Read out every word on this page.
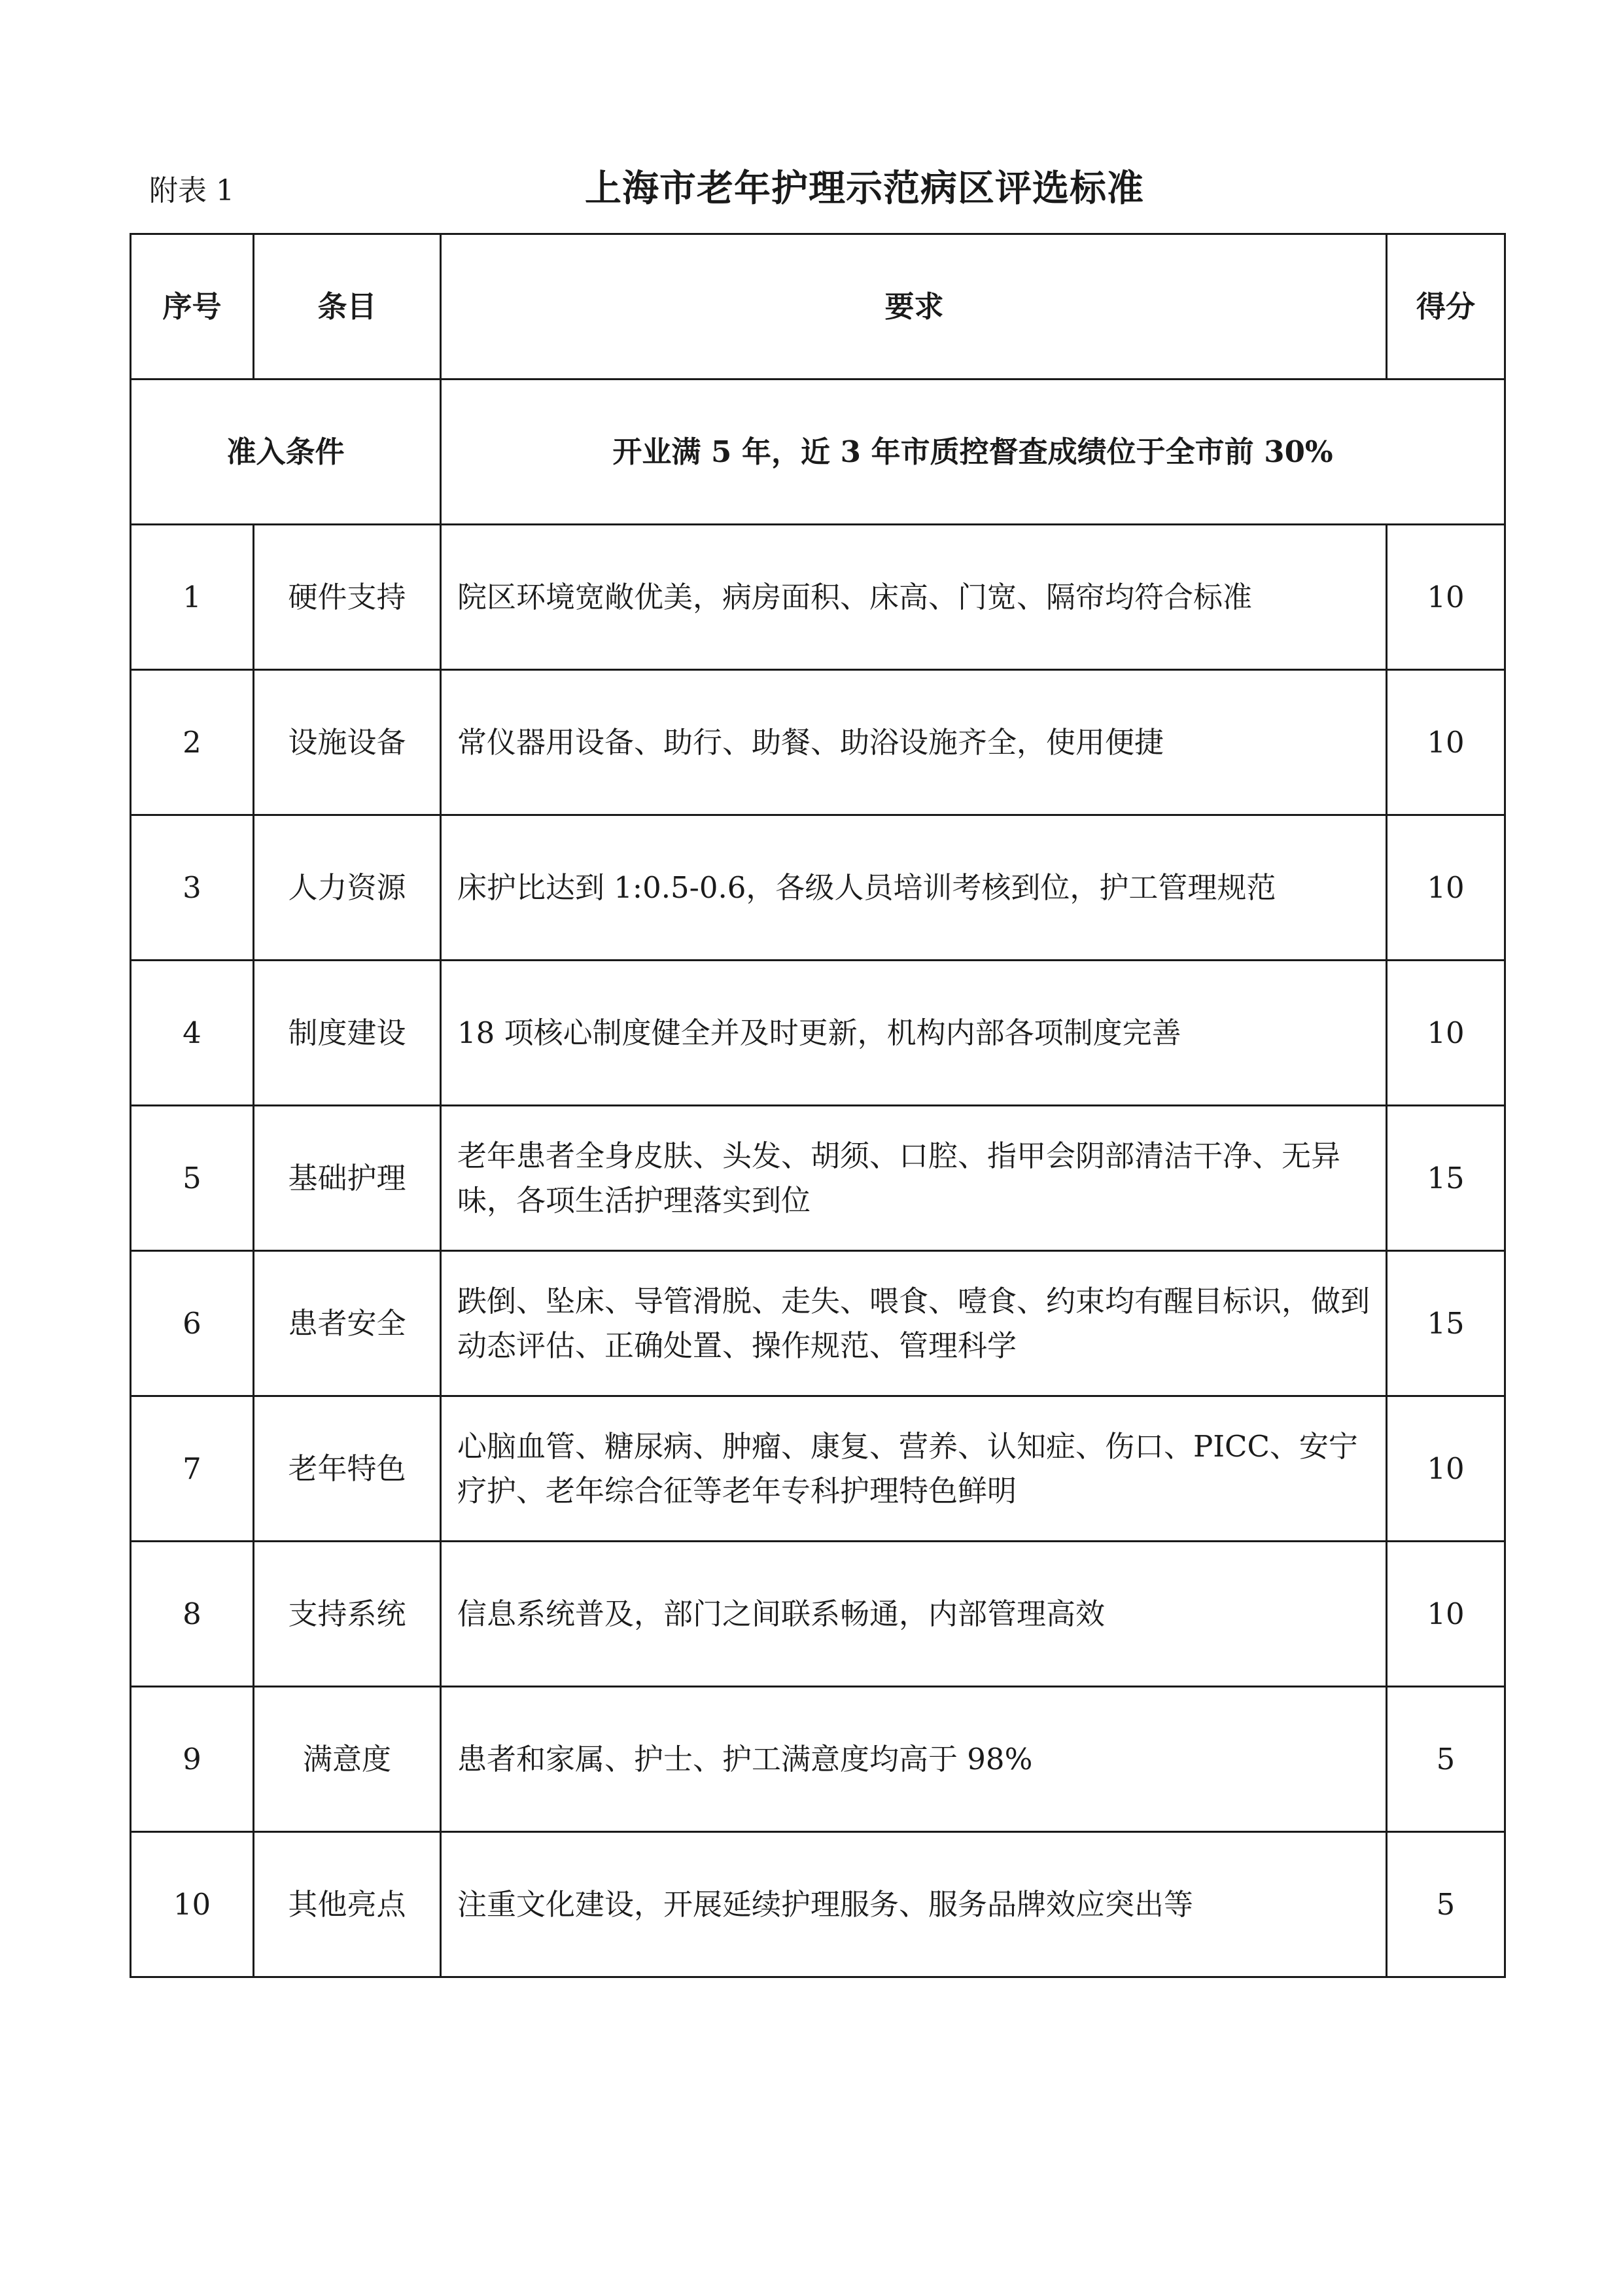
附表 1	上海市老年护理示范病区评选标准
序号	条目	要求	得分
准入条件		开业满 5 年，近 3 年市质控督查成绩位于全市前 30%	
1	硬件支持	院区环境宽敞优美，病房面积、床高、门宽、隔帘均符合标准	10
2	设施设备	常仪器用设备、助行、助餐、助浴设施齐全，使用便捷	10
3	人力资源	床护比达到 1:0.5-0.6，各级人员培训考核到位，护工管理规范	10
4	制度建设	18 项核心制度健全并及时更新，机构内部各项制度完善	10
5	基础护理	老年患者全身皮肤、头发、胡须、口腔、指甲会阴部清洁干净、无异味，各项生活护理落实到位	15
6	患者安全	跌倒、坠床、导管滑脱、走失、喂食、噎食、约束均有醒目标识，做到动态评估、正确处置、操作规范、管理科学	15
7	老年特色	心脑血管、糖尿病、肿瘤、康复、营养、认知症、伤口、PICC、安宁疗护、老年综合征等老年专科护理特色鲜明	10
8	支持系统	信息系统普及，部门之间联系畅通，内部管理高效	10
9	满意度	患者和家属、护士、护工满意度均高于 98%	5
10	其他亮点	注重文化建设，开展延续护理服务、服务品牌效应突出等	5
